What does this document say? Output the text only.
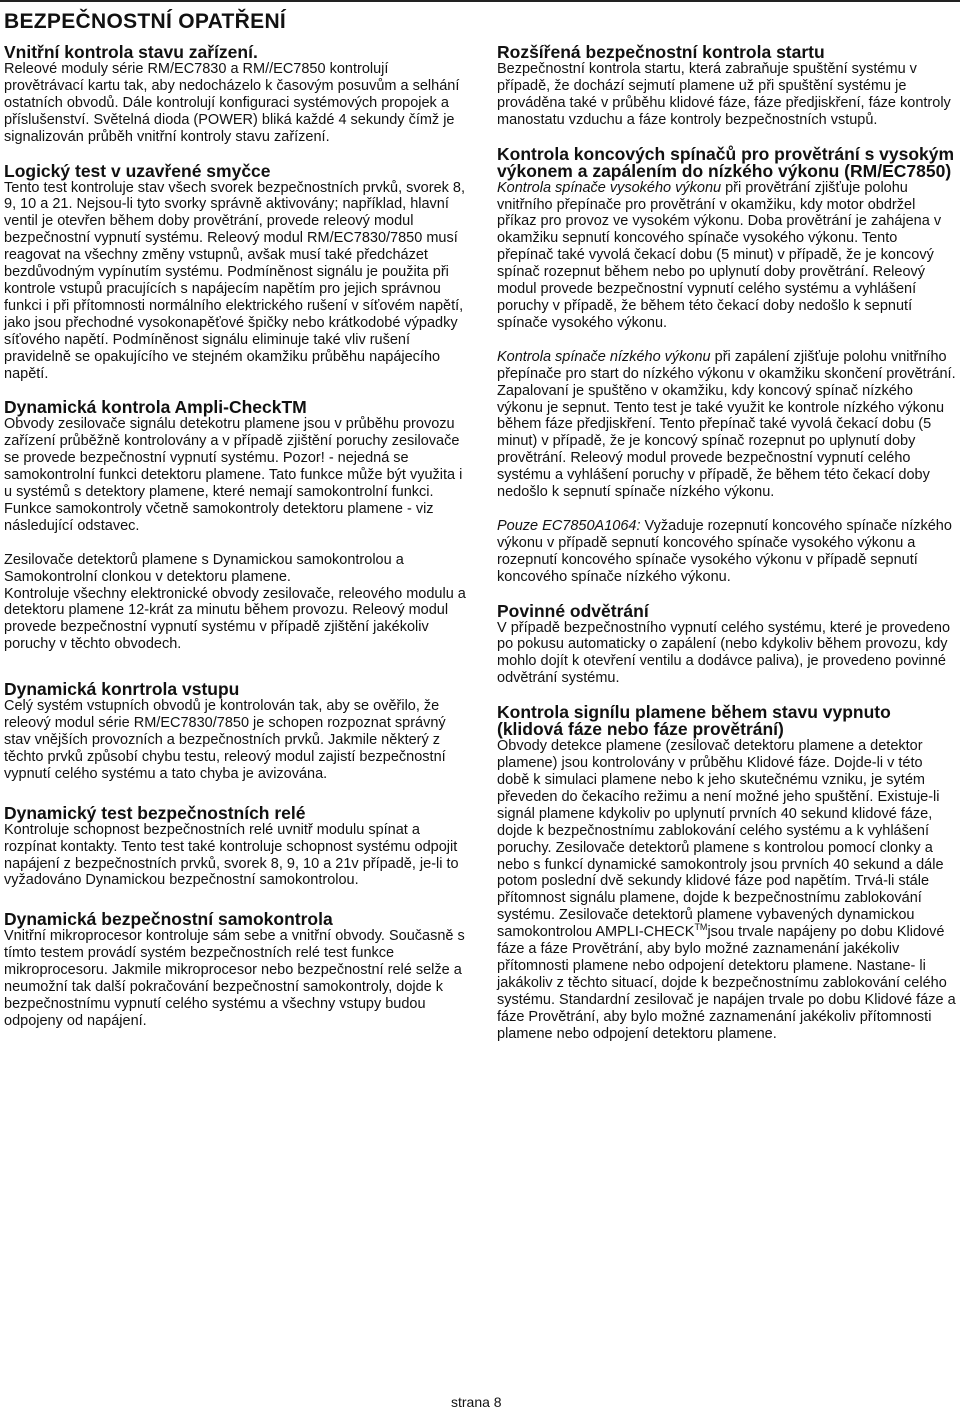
BEZPEČNOSTNÍ OPATŘENÍ
Vnitřní kontrola stavu zařízení.

Releové moduly série RM/EC7830 a RM//EC7850 kontrolují provětrávací kartu tak, aby nedocházelo k časovým posuvům a selhání ostatních obvodů. Dále kontrolují konfiguraci systémových propojek a příslušenství. Světelná dioda (POWER) bliká každé 4 sekundy čímž je signalizován průběh vnitřní kontroly stavu zařízení.

Logický test v uzavřené smyčce

Tento test kontroluje stav všech svorek bezpečnostních prvků, svorek 8, 9, 10 a 21. Nejsou-li tyto svorky správně aktivovány; například, hlavní ventil je otevřen během doby provětrání, provede releový modul bezpečnostní vypnutí systému. Releový modul RM/EC7830/7850 musí reagovat na všechny změny vstupnů, avšak musí také předcházet bezdůvodným vypínutím systému. Podmíněnost signálu je použita při kontrole vstupů pracujících s napájecím napětím pro jejich správnou funkci i při přítomnosti normálního elektrického rušení v síťovém napětí, jako jsou přechodné vysokonapěťové špičky nebo krátkodobé výpadky síťového napětí. Podmíněnost signálu eliminuje také vliv rušení pravidelně se opakujícího ve stejném okamžiku průběhu napájecího napětí.

Dynamická kontrola Ampli-CheckTM

Obvody zesilovače signálu detekotru plamene jsou v průběhu provozu zařízení průběžně kontrolovány a v případě zjištění poruchy zesilovače se provede bezpečnostní vypnutí systému. Pozor! - nejedná se samokontrolní funkci detektoru plamene. Tato funkce může být využita i u systémů s detektory plamene, které nemají samokontrolní funkci. Funkce samokontroly včetně samokontroly detektoru plamene - viz následující odstavec.

Zesilovače detektorů plamene s Dynamickou samokontrolou a Samokontrolní clonkou v detektoru plamene.

Kontroluje všechny elektronické obvody zesilovače, releového modulu a detektoru plamene 12-krát za minutu během provozu. Releový modul provede bezpečnostní vypnutí systému v případě zjištění jakékoliv poruchy v těchto obvodech.

Dynamická konrtrola vstupu

Celý systém vstupních obvodů je kontrolován tak, aby se ověřilo, že releový modul série RM/EC7830/7850 je schopen rozpoznat správný stav vnějších provozních a bezpečnostních prvků. Jakmile některý z těchto prvků způsobí chybu testu, releový modul zajistí bezpečnostní vypnutí celého systému a tato chyba je avizována.

Dynamický test bezpečnostních relé

Kontroluje schopnost bezpečnostních relé uvnitř modulu spínat a rozpínat kontakty. Tento test také kontroluje schopnost systému odpojit napájení z bezpečnostních prvků, svorek 8, 9, 10 a 21v případě, je-li to vyžadováno Dynamickou bezpečnostní samokontrolou.

Dynamická bezpečnostní samokontrola

Vnitřní mikroprocesor kontroluje sám sebe a vnitřní obvody. Současně s tímto testem provádí systém bezpečnostních relé test funkce mikroprocesoru. Jakmile mikroprocesor nebo bezpečnostní relé selže a neumožní tak další pokračování bezpečnostní samokontroly, dojde k bezpečnostnímu vypnutí celého systému a všechny vstupy budou odpojeny od napájení.

Rozšířená bezpečnostní kontrola startu

Bezpečnostní kontrola startu, která zabraňuje spuštění systému v případě, že dochází sejmutí plamene už při spuštění systému je prováděna také v průběhu klidové fáze, fáze předjiskření, fáze kontroly manostatu vzduchu a fáze kontroly bezpečnostních vstupů.

Kontrola koncových spínačů pro provětrání s vysokým výkonem a zapálením do nízkého výkonu (RM/EC7850)

Kontrola spínače vysokého výkonu při provětrání zjišťuje polohu vnitřního přepínače pro provětrání v okamžiku, kdy motor obdržel příkaz pro provoz ve vysokém výkonu. Doba provětrání je zahájena v okamžiku sepnutí koncového spínače vysokého výkonu. Tento přepínač také vyvolá čekací dobu (5 minut) v případě, že je koncový spínač rozepnut během nebo po uplynutí doby provětrání. Releový modul provede bezpečnostní vypnutí celého systému a vyhlášení poruchy v případě, že během této čekací doby nedošlo k sepnutí spínače vysokého výkonu.

Kontrola spínače nízkého výkonu při zapálení zjišťuje polohu vnitřního přepínače pro start do nízkého výkonu v okamžiku skončení provětrání. Zapalovaní je spuštěno v okamžiku, kdy koncový spínač nízkého výkonu je sepnut. Tento test je také využit ke kontrole nízkého výkonu během fáze předjiskření. Tento přepínač také vyvolá čekací dobu (5 minut) v případě, že je koncový spínač rozepnut po uplynutí doby provětrání. Releový modul provede bezpečnostní vypnutí celého systému a vyhlášení poruchy v případě, že během této čekací doby nedošlo k sepnutí spínače nízkého výkonu.

Pouze EC7850A1064: Vyžaduje rozepnutí koncového spínače nízkého výkonu v případě sepnutí koncového spínače vysokého výkonu a rozepnutí koncového spínače vysokého výkonu v případě sepnutí koncového spínače nízkého výkonu.

Povinné odvětrání

V případě bezpečnostního vypnutí celého systému, které je provedeno po pokusu automaticky o zapálení (nebo kdykoliv během provozu, kdy mohlo dojít k otevření ventilu a dodávce paliva), je provedeno povinné odvětrání systému.

Kontrola signílu plamene během stavu vypnuto (klidová fáze nebo fáze provětrání)

Obvody detekce plamene (zesilovač detektoru plamene a detektor plamene) jsou kontrolovány v průběhu Klidové fáze. Dojde-li v této době k simulaci plamene nebo k jeho skutečnému vzniku, je sytém převeden do čekacího režimu a není možné jeho spuštění. Existuje-li signál plamene kdykoliv po uplynutí prvních 40 sekund klidové fáze, dojde k bezpečnostnímu zablokování celého systému a k vyhlášení poruchy. Zesilovače detektorů plamene s kontrolou pomocí clonky a nebo s funkcí dynamické samokontroly jsou prvních 40 sekund a dále potom poslední dvě sekundy klidové fáze pod napětím. Trvá-li stále přítomnost signálu plamene, dojde k bezpečnostnímu zablokování systému. Zesilovače detektorů plamene vybavených dynamickou samokontrolou AMPLI-CHECK™jsou trvale napájeny po dobu Klidové fáze a fáze Provětrání, aby bylo možné zaznamenání jakékoliv přítomnosti plamene nebo odpojení detektoru plamene. Nastane- li jakákoliv z těchto situací, dojde k bezpečnostnímu zablokování celého systému. Standardní zesilovač je napájen trvale po dobu Klidové fáze a fáze Provětrání, aby bylo možné zaznamenání jakékoliv přítomnosti plamene nebo odpojení detektoru plamene.

strana 8
